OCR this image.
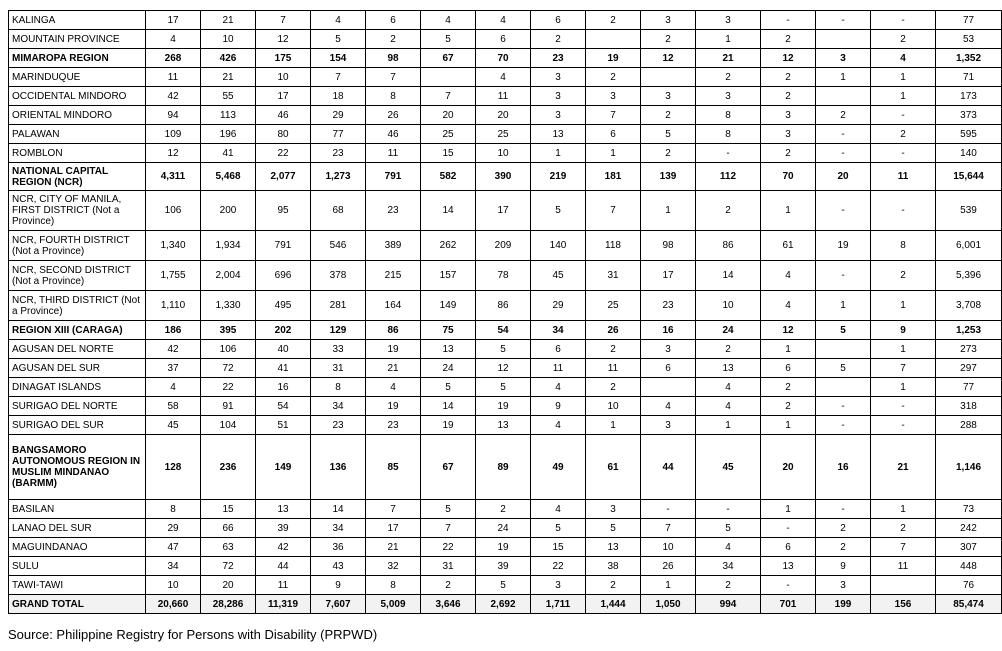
KALINGA	17	21	7	4	6	4	4	6	2	3	3	-	-	-	77
MOUNTAIN PROVINCE	4	10	12	5	2	5	6	2		2	1	2		2	53
MIMAROPA REGION	268	426	175	154	98	67	70	23	19	12	21	12	3	4	1,352
MARINDUQUE	11	21	10	7	7		4	3	2		2	2	1	1	71
OCCIDENTAL MINDORO	42	55	17	18	8	7	11	3	3	3	3	2		1	173
ORIENTAL MINDORO	94	113	46	29	26	20	20	3	7	2	8	3	2	-	373
PALAWAN	109	196	80	77	46	25	25	13	6	5	8	3	-	2	595
ROMBLON	12	41	22	23	11	15	10	1	1	2	-	2	-	-	140
NATIONAL CAPITAL REGION (NCR)	4,311	5,468	2,077	1,273	791	582	390	219	181	139	112	70	20	11	15,644
NCR, CITY OF MANILA, FIRST DISTRICT (Not a Province)	106	200	95	68	23	14	17	5	7	1	2	1	-	-	539
NCR, FOURTH DISTRICT (Not a Province)	1,340	1,934	791	546	389	262	209	140	118	98	86	61	19	8	6,001
NCR, SECOND DISTRICT (Not a Province)	1,755	2,004	696	378	215	157	78	45	31	17	14	4	-	2	5,396
NCR, THIRD DISTRICT (Not a Province)	1,110	1,330	495	281	164	149	86	29	25	23	10	4	1	1	3,708
REGION XIII (CARAGA)	186	395	202	129	86	75	54	34	26	16	24	12	5	9	1,253
AGUSAN DEL NORTE	42	106	40	33	19	13	5	6	2	3	2	1		1	273
AGUSAN DEL SUR	37	72	41	31	21	24	12	11	11	6	13	6	5	7	297
DINAGAT ISLANDS	4	22	16	8	4	5	5	4	2		4	2		1	77
SURIGAO DEL NORTE	58	91	54	34	19	14	19	9	10	4	4	2	-	-	318
SURIGAO DEL SUR	45	104	51	23	23	19	13	4	1	3	1	1	-	-	288
BANGSAMORO AUTONOMOUS REGION IN MUSLIM MINDANAO (BARMM)	128	236	149	136	85	67	89	49	61	44	45	20	16	21	1,146
BASILAN	8	15	13	14	7	5	2	4	3	-	-	1	-	1	73
LANAO DEL SUR	29	66	39	34	17	7	24	5	5	7	5	-	2	2	242
MAGUINDANAO	47	63	42	36	21	22	19	15	13	10	4	6	2	7	307
SULU	34	72	44	43	32	31	39	22	38	26	34	13	9	11	448
TAWI-TAWI	10	20	11	9	8	2	5	3	2	1	2	-	3		76
GRAND TOTAL	20,660	28,286	11,319	7,607	5,009	3,646	2,692	1,711	1,444	1,050	994	701	199	156	85,474
Source: Philippine Registry for Persons with Disability (PRPWD)
